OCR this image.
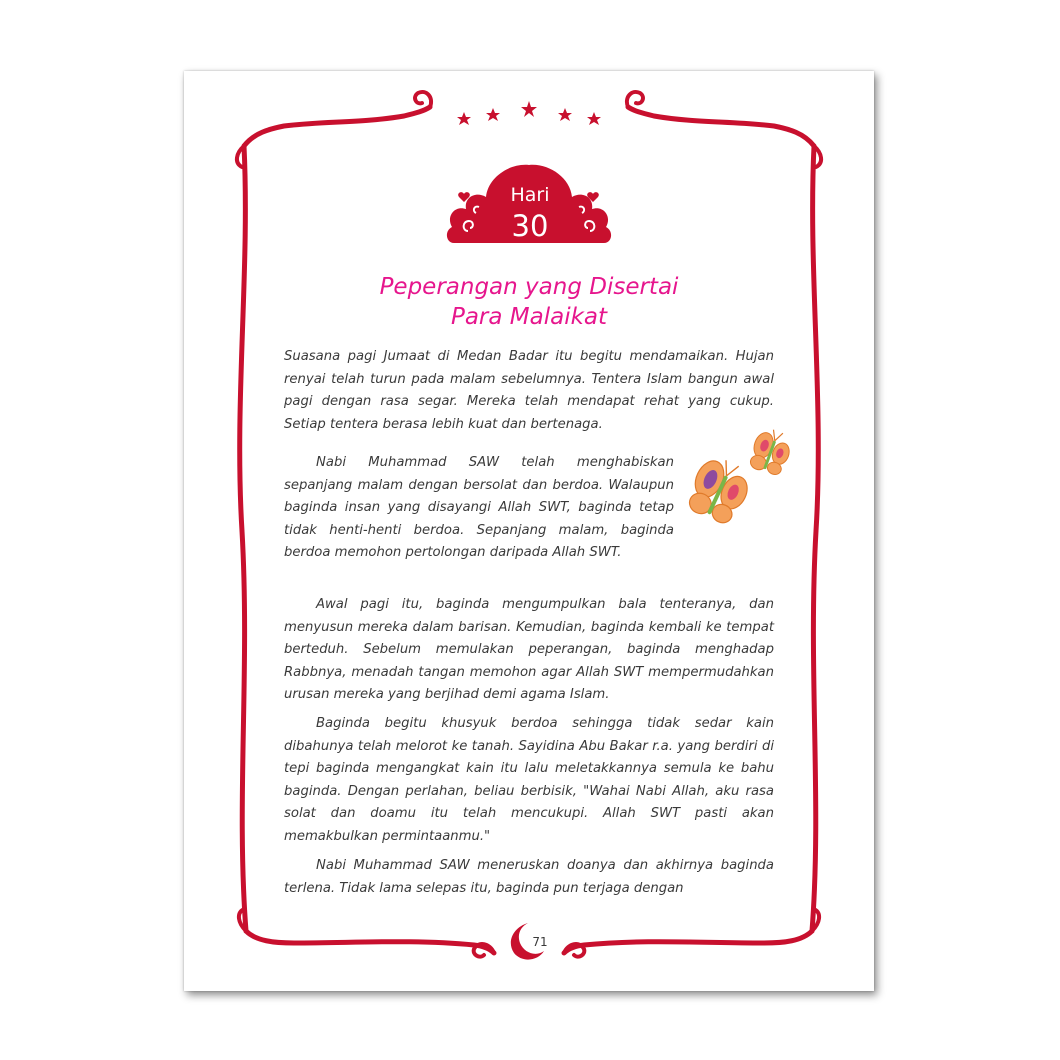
Hari
30
Peperangan yang Disertai
Para Malaikat

Suasana pagi Jumaat di Medan Badar itu begitu mendamaikan. Hujan renyai telah turun pada malam sebelumnya. Tentera Islam bangun awal pagi dengan rasa segar. Mereka telah mendapat rehat yang cukup. Setiap tentera berasa lebih kuat dan bertenaga.

Nabi Muhammad SAW telah menghabiskan sepanjang malam dengan bersolat dan berdoa. Walaupun baginda insan yang disayangi Allah SWT, baginda tetap tidak henti-henti berdoa. Sepanjang malam, baginda berdoa memohon pertolongan daripada Allah SWT.

Awal pagi itu, baginda mengumpulkan bala tenteranya, dan menyusun mereka dalam barisan. Kemudian, baginda kembali ke tempat berteduh. Sebelum memulakan peperangan, baginda menghadap Rabbnya, menadah tangan memohon agar Allah SWT mempermudahkan urusan mereka yang berjihad demi agama Islam.

Baginda begitu khusyuk berdoa sehingga tidak sedar kain dibahunya telah melorot ke tanah. Sayidina Abu Bakar r.a. yang berdiri di tepi baginda mengangkat kain itu lalu meletakkannya semula ke bahu baginda. Dengan perlahan, beliau berbisik, "Wahai Nabi Allah, aku rasa solat dan doamu itu telah mencukupi. Allah SWT pasti akan memakbulkan permintaanmu."

Nabi Muhammad SAW meneruskan doanya dan akhirnya baginda terlena. Tidak lama selepas itu, baginda pun terjaga dengan

71
